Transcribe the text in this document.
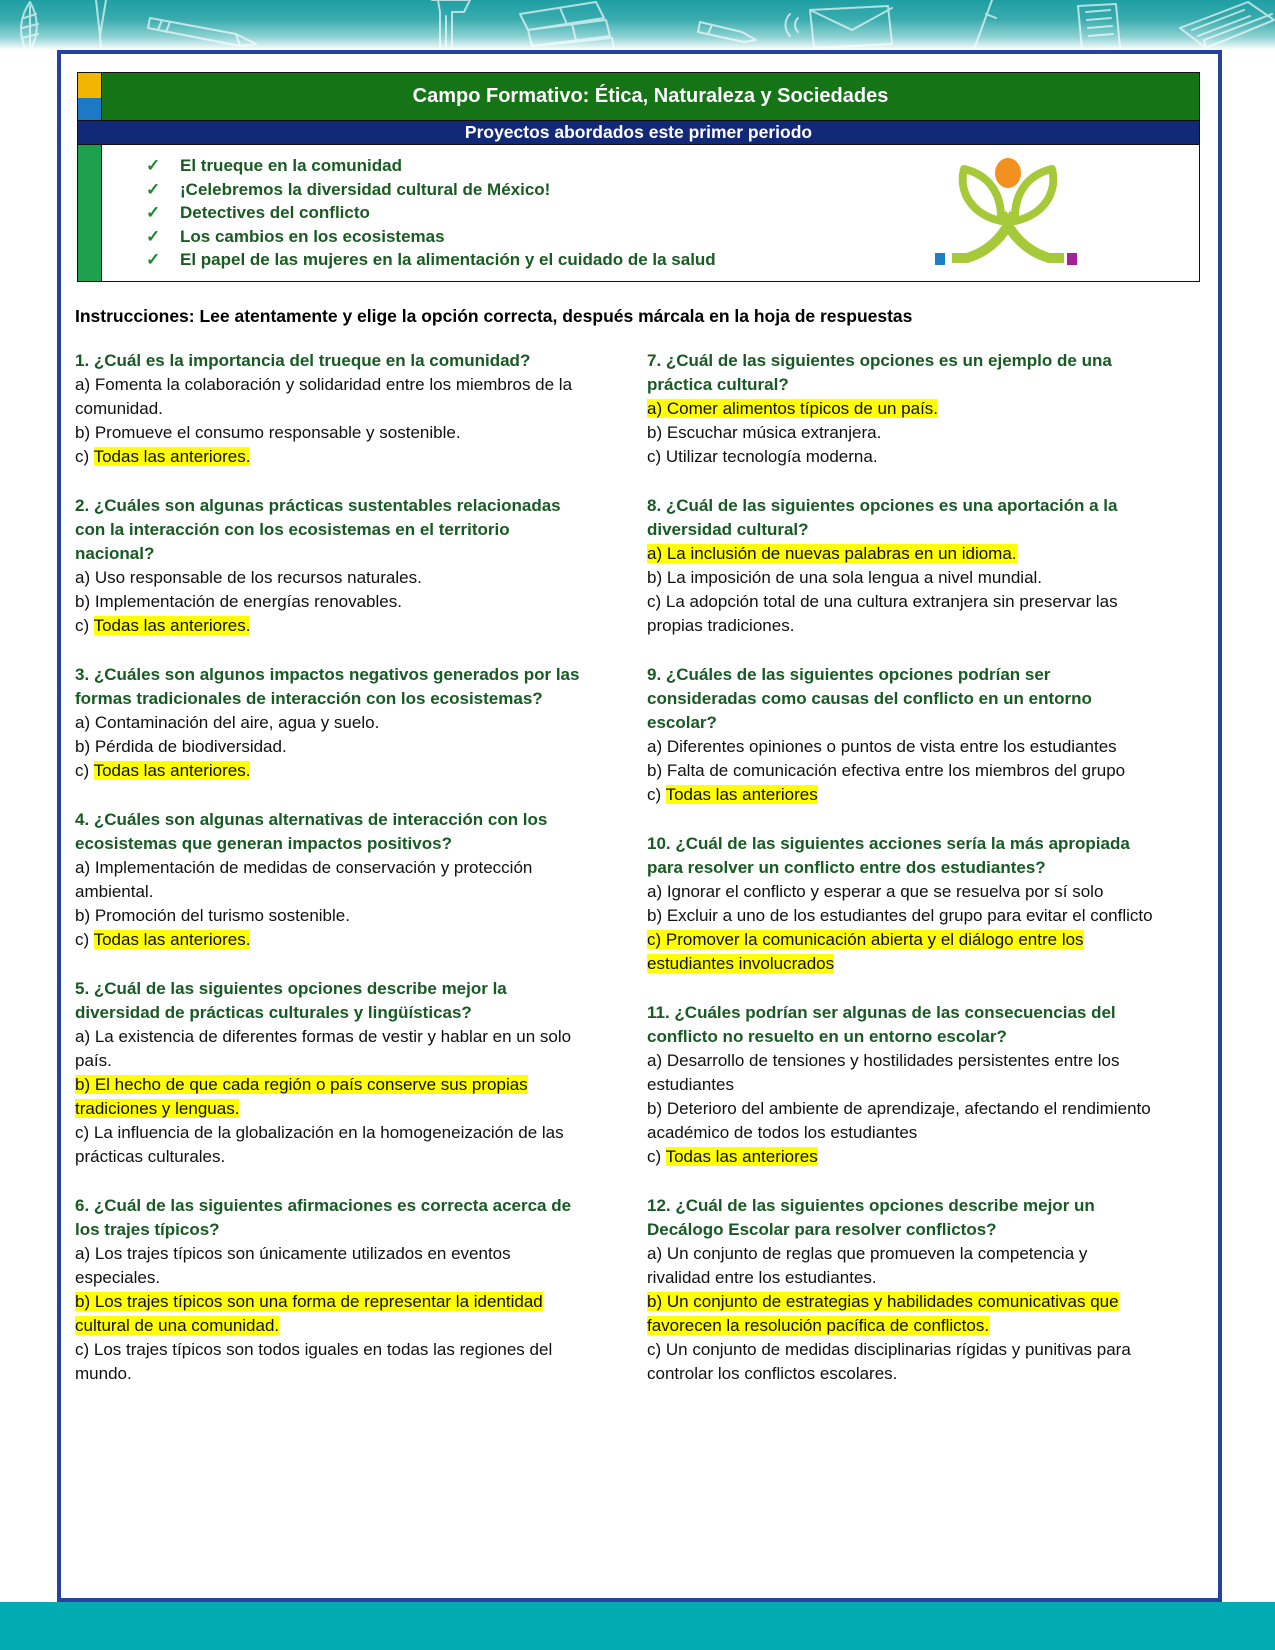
Campo Formativo: Ética, Naturaleza y Sociedades
Proyectos abordados este primer periodo
✓ El trueque en la comunidad
✓ ¡Celebremos la diversidad cultural de México!
✓ Detectives del conflicto
✓ Los cambios en los ecosistemas
✓ El papel de las mujeres en la alimentación y el cuidado de la salud

Instrucciones: Lee atentamente y elige la opción correcta, después márcala en la hoja de respuestas

1. ¿Cuál es la importancia del trueque en la comunidad?
a) Fomenta la colaboración y solidaridad entre los miembros de la comunidad.
b) Promueve el consumo responsable y sostenible.
c) Todas las anteriores.
2. ¿Cuáles son algunas prácticas sustentables relacionadas con la interacción con los ecosistemas en el territorio nacional?
a) Uso responsable de los recursos naturales.
b) Implementación de energías renovables.
c) Todas las anteriores.
3. ¿Cuáles son algunos impactos negativos generados por las formas tradicionales de interacción con los ecosistemas?
a) Contaminación del aire, agua y suelo.
b) Pérdida de biodiversidad.
c) Todas las anteriores.
4. ¿Cuáles son algunas alternativas de interacción con los ecosistemas que generan impactos positivos?
a) Implementación de medidas de conservación y protección ambiental.
b) Promoción del turismo sostenible.
c) Todas las anteriores.
5. ¿Cuál de las siguientes opciones describe mejor la diversidad de prácticas culturales y lingüísticas?
a) La existencia de diferentes formas de vestir y hablar en un solo país.
b) El hecho de que cada región o país conserve sus propias tradiciones y lenguas.
c) La influencia de la globalización en la homogeneización de las prácticas culturales.
6. ¿Cuál de las siguientes afirmaciones es correcta acerca de los trajes típicos?
a) Los trajes típicos son únicamente utilizados en eventos especiales.
b) Los trajes típicos son una forma de representar la identidad cultural de una comunidad.
c) Los trajes típicos son todos iguales en todas las regiones del mundo.
7. ¿Cuál de las siguientes opciones es un ejemplo de una práctica cultural?
a) Comer alimentos típicos de un país.
b) Escuchar música extranjera.
c) Utilizar tecnología moderna.
8. ¿Cuál de las siguientes opciones es una aportación a la diversidad cultural?
a) La inclusión de nuevas palabras en un idioma.
b) La imposición de una sola lengua a nivel mundial.
c) La adopción total de una cultura extranjera sin preservar las propias tradiciones.
9. ¿Cuáles de las siguientes opciones podrían ser consideradas como causas del conflicto en un entorno escolar?
a) Diferentes opiniones o puntos de vista entre los estudiantes
b) Falta de comunicación efectiva entre los miembros del grupo
c) Todas las anteriores
10. ¿Cuál de las siguientes acciones sería la más apropiada para resolver un conflicto entre dos estudiantes?
a) Ignorar el conflicto y esperar a que se resuelva por sí solo
b) Excluir a uno de los estudiantes del grupo para evitar el conflicto
c) Promover la comunicación abierta y el diálogo entre los estudiantes involucrados
11. ¿Cuáles podrían ser algunas de las consecuencias del conflicto no resuelto en un entorno escolar?
a) Desarrollo de tensiones y hostilidades persistentes entre los estudiantes
b) Deterioro del ambiente de aprendizaje, afectando el rendimiento académico de todos los estudiantes
c) Todas las anteriores
12. ¿Cuál de las siguientes opciones describe mejor un Decálogo Escolar para resolver conflictos?
a) Un conjunto de reglas que promueven la competencia y rivalidad entre los estudiantes.
b) Un conjunto de estrategias y habilidades comunicativas que favorecen la resolución pacífica de conflictos.
c) Un conjunto de medidas disciplinarias rígidas y punitivas para controlar los conflictos escolares.
